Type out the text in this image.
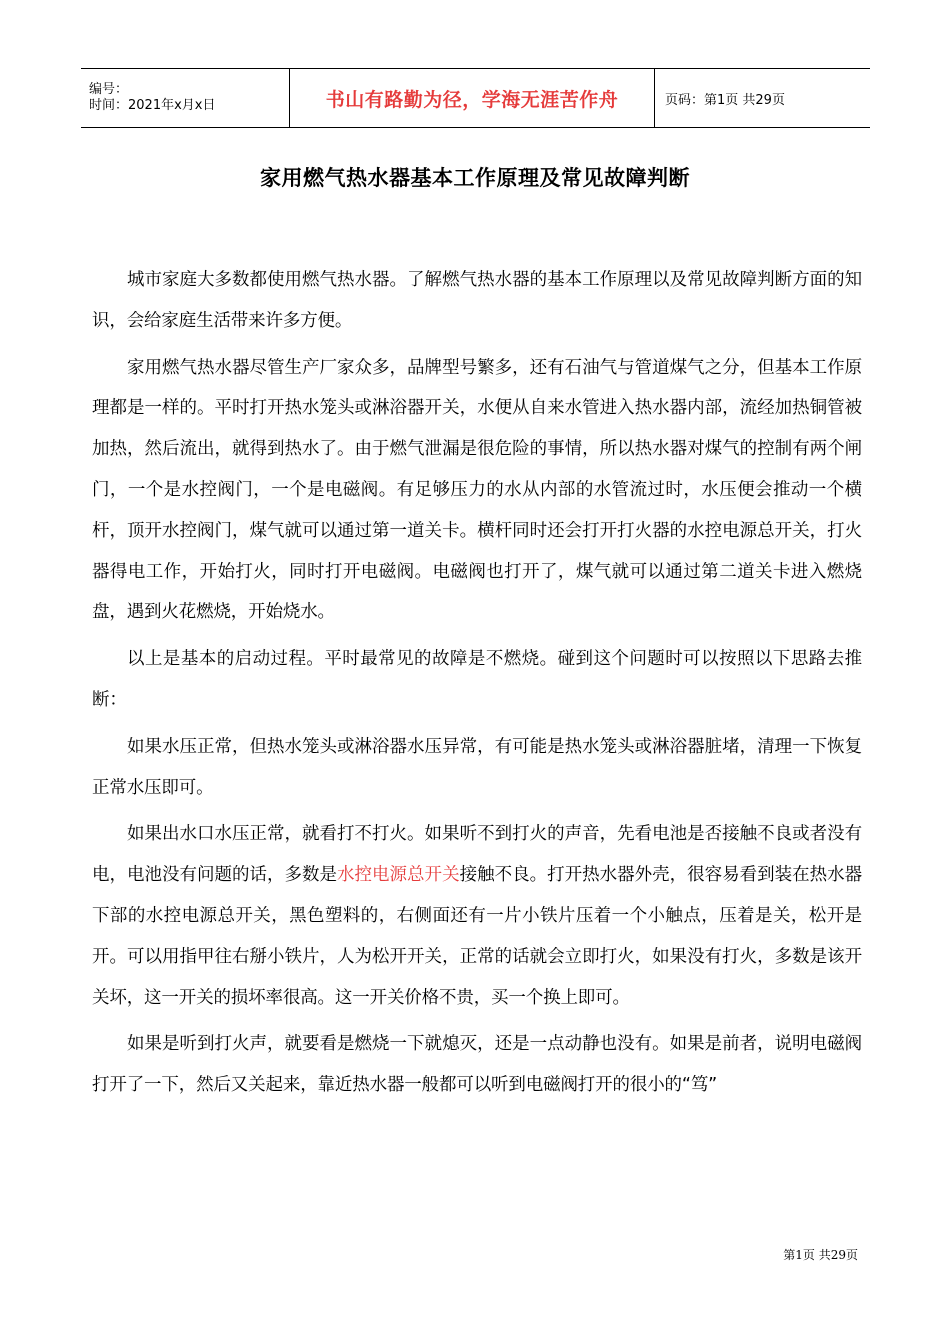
编号：
时间：2021年x月x日	书山有路勤为径，学海无涯苦作舟	页码：第1页 共29页
家用燃气热水器基本工作原理及常见故障判断

城市家庭大多数都使用燃气热水器。了解燃气热水器的基本工作原理以及常见故障判断方面的知识，会给家庭生活带来许多方便。

家用燃气热水器尽管生产厂家众多，品牌型号繁多，还有石油气与管道煤气之分，但基本工作原理都是一样的。平时打开热水笼头或淋浴器开关，水便从自来水管进入热水器内部，流经加热铜管被加热，然后流出，就得到热水了。由于燃气泄漏是很危险的事情，所以热水器对煤气的控制有两个闸门，一个是水控阀门，一个是电磁阀。有足够压力的水从内部的水管流过时，水压便会推动一个横杆，顶开水控阀门，煤气就可以通过第一道关卡。横杆同时还会打开打火器的水控电源总开关，打火器得电工作，开始打火，同时打开电磁阀。电磁阀也打开了，煤气就可以通过第二道关卡进入燃烧盘，遇到火花燃烧，开始烧水。

以上是基本的启动过程。平时最常见的故障是不燃烧。碰到这个问题时可以按照以下思路去推断：

如果水压正常，但热水笼头或淋浴器水压异常，有可能是热水笼头或淋浴器脏堵，清理一下恢复正常水压即可。

如果出水口水压正常，就看打不打火。如果听不到打火的声音，先看电池是否接触不良或者没有电，电池没有问题的话，多数是水控电源总开关接触不良。打开热水器外壳，很容易看到装在热水器下部的水控电源总开关，黑色塑料的，右侧面还有一片小铁片压着一个小触点，压着是关，松开是开。可以用指甲往右掰小铁片，人为松开开关，正常的话就会立即打火，如果没有打火，多数是该开关坏，这一开关的损坏率很高。这一开关价格不贵，买一个换上即可。

如果是听到打火声，就要看是燃烧一下就熄灭，还是一点动静也没有。如果是前者，说明电磁阀打开了一下，然后又关起来，靠近热水器一般都可以听到电磁阀打开的很小的“笃”

第1页 共29页
